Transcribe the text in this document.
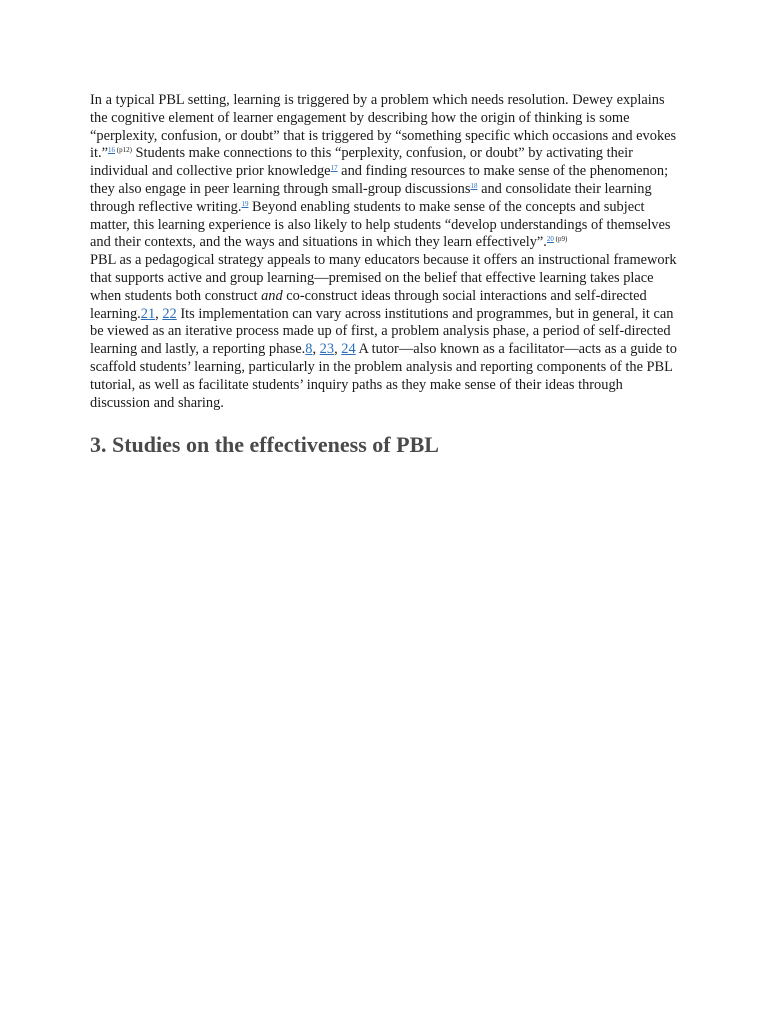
In a typical PBL setting, learning is triggered by a problem which needs resolution. Dewey explains the cognitive element of learner engagement by describing how the origin of thinking is some “perplexity, confusion, or doubt” that is triggered by “something specific which occasions and evokes it.”$^{16}$ $^{(p12)}$ Students make connections to this “perplexity, confusion, or doubt” by activating their individual and collective prior knowledge$^{17}$ and finding resources to make sense of the phenomenon; they also engage in peer learning through small-group discussions$^{18}$ and consolidate their learning through reflective writing.$^{19}$ Beyond enabling students to make sense of the concepts and subject matter, this learning experience is also likely to help students “develop understandings of themselves and their contexts, and the ways and situations in which they learn effectively”.$^{20}$ $^{(p9)}$

PBL as a pedagogical strategy appeals to many educators because it offers an instructional framework that supports active and group learning—premised on the belief that effective learning takes place when students both construct and co-construct ideas through social interactions and self-directed learning.21, 22 Its implementation can vary across institutions and programmes, but in general, it can be viewed as an iterative process made up of first, a problem analysis phase, a period of self-directed learning and lastly, a reporting phase.8, 23, 24 A tutor—also known as a facilitator—acts as a guide to scaffold students’ learning, particularly in the problem analysis and reporting components of the PBL tutorial, as well as facilitate students’ inquiry paths as they make sense of their ideas through discussion and sharing.

3. Studies on the effectiveness of PBL
